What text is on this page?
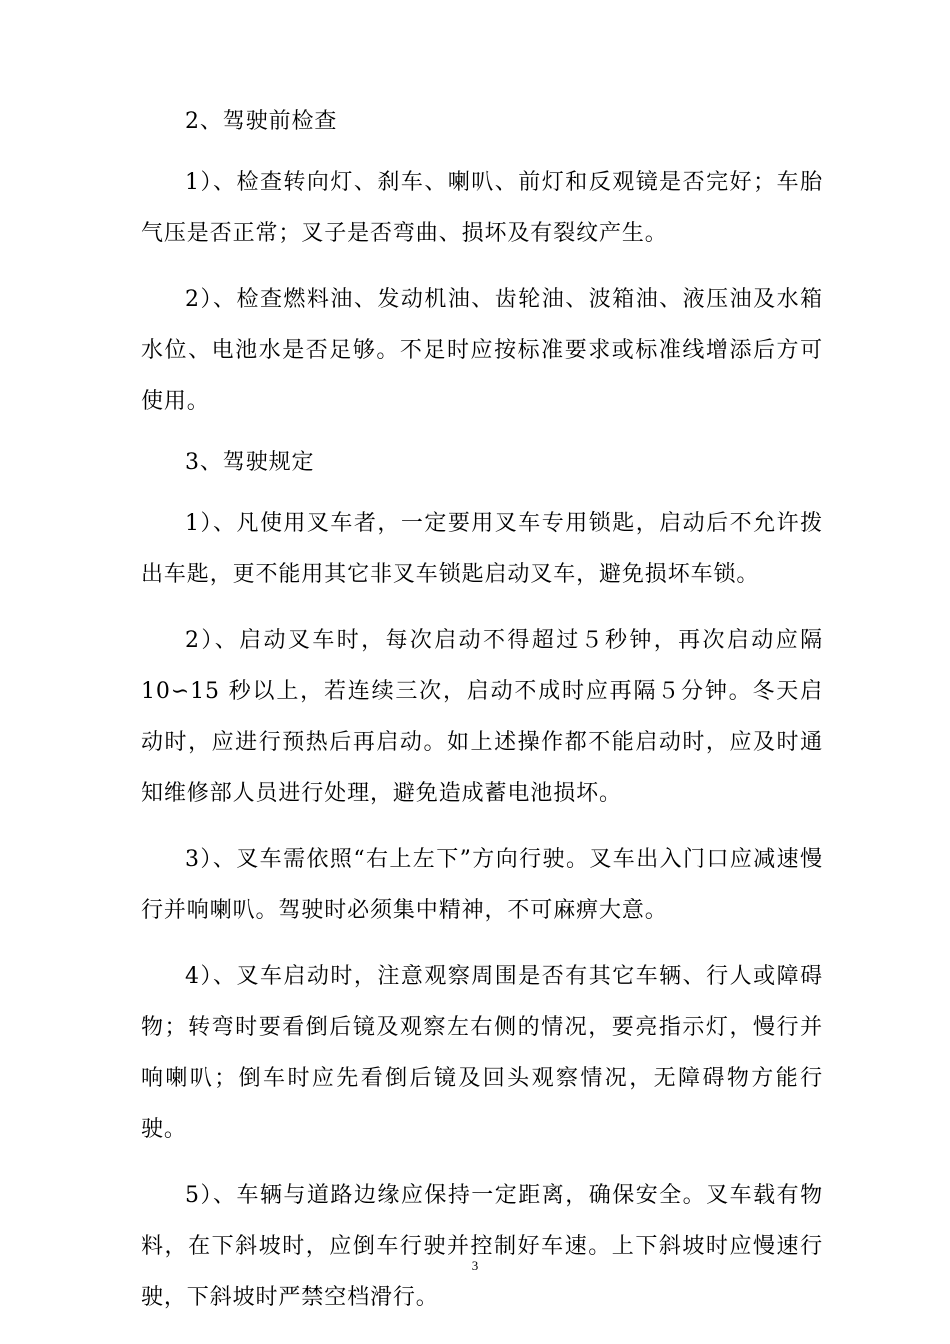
2、驾驶前检查

1）、检查转向灯、刹车、喇叭、前灯和反观镜是否完好；车胎气压是否正常；叉子是否弯曲、损坏及有裂纹产生。

2）、检查燃料油、发动机油、齿轮油、波箱油、液压油及水箱水位、电池水是否足够。不足时应按标准要求或标准线增添后方可使用。

3、驾驶规定

1）、凡使用叉车者，一定要用叉车专用锁匙，启动后不允许拨出车匙，更不能用其它非叉车锁匙启动叉车，避免损坏车锁。

2）、启动叉车时，每次启动不得超过５秒钟，再次启动应隔 10∽15 秒以上，若连续三次，启动不成时应再隔５分钟。冬天启动时，应进行预热后再启动。如上述操作都不能启动时，应及时通知维修部人员进行处理，避免造成蓄电池损坏。

3）、叉车需依照“右上左下”方向行驶。叉车出入门口应减速慢行并响喇叭。驾驶时必须集中精神，不可麻痹大意。

4）、叉车启动时，注意观察周围是否有其它车辆、行人或障碍物；转弯时要看倒后镜及观察左右侧的情况，要亮指示灯，慢行并响喇叭；倒车时应先看倒后镜及回头观察情况，无障碍物方能行驶。

5）、车辆与道路边缘应保持一定距离，确保安全。叉车载有物料，在下斜坡时，应倒车行驶并控制好车速。上下斜坡时应慢速行驶，下斜坡时严禁空档滑行。

3
